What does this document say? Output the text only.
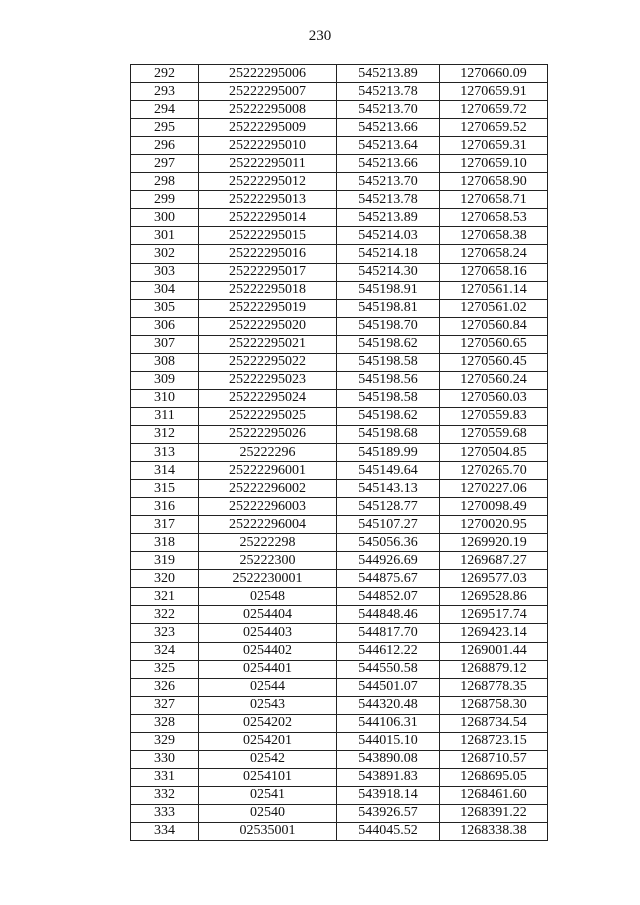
230
292	25222295006	545213.89	1270660.09
293	25222295007	545213.78	1270659.91
294	25222295008	545213.70	1270659.72
295	25222295009	545213.66	1270659.52
296	25222295010	545213.64	1270659.31
297	25222295011	545213.66	1270659.10
298	25222295012	545213.70	1270658.90
299	25222295013	545213.78	1270658.71
300	25222295014	545213.89	1270658.53
301	25222295015	545214.03	1270658.38
302	25222295016	545214.18	1270658.24
303	25222295017	545214.30	1270658.16
304	25222295018	545198.91	1270561.14
305	25222295019	545198.81	1270561.02
306	25222295020	545198.70	1270560.84
307	25222295021	545198.62	1270560.65
308	25222295022	545198.58	1270560.45
309	25222295023	545198.56	1270560.24
310	25222295024	545198.58	1270560.03
311	25222295025	545198.62	1270559.83
312	25222295026	545198.68	1270559.68
313	25222296	545189.99	1270504.85
314	25222296001	545149.64	1270265.70
315	25222296002	545143.13	1270227.06
316	25222296003	545128.77	1270098.49
317	25222296004	545107.27	1270020.95
318	25222298	545056.36	1269920.19
319	25222300	544926.69	1269687.27
320	2522230001	544875.67	1269577.03
321	02548	544852.07	1269528.86
322	0254404	544848.46	1269517.74
323	0254403	544817.70	1269423.14
324	0254402	544612.22	1269001.44
325	0254401	544550.58	1268879.12
326	02544	544501.07	1268778.35
327	02543	544320.48	1268758.30
328	0254202	544106.31	1268734.54
329	0254201	544015.10	1268723.15
330	02542	543890.08	1268710.57
331	0254101	543891.83	1268695.05
332	02541	543918.14	1268461.60
333	02540	543926.57	1268391.22
334	02535001	544045.52	1268338.38
